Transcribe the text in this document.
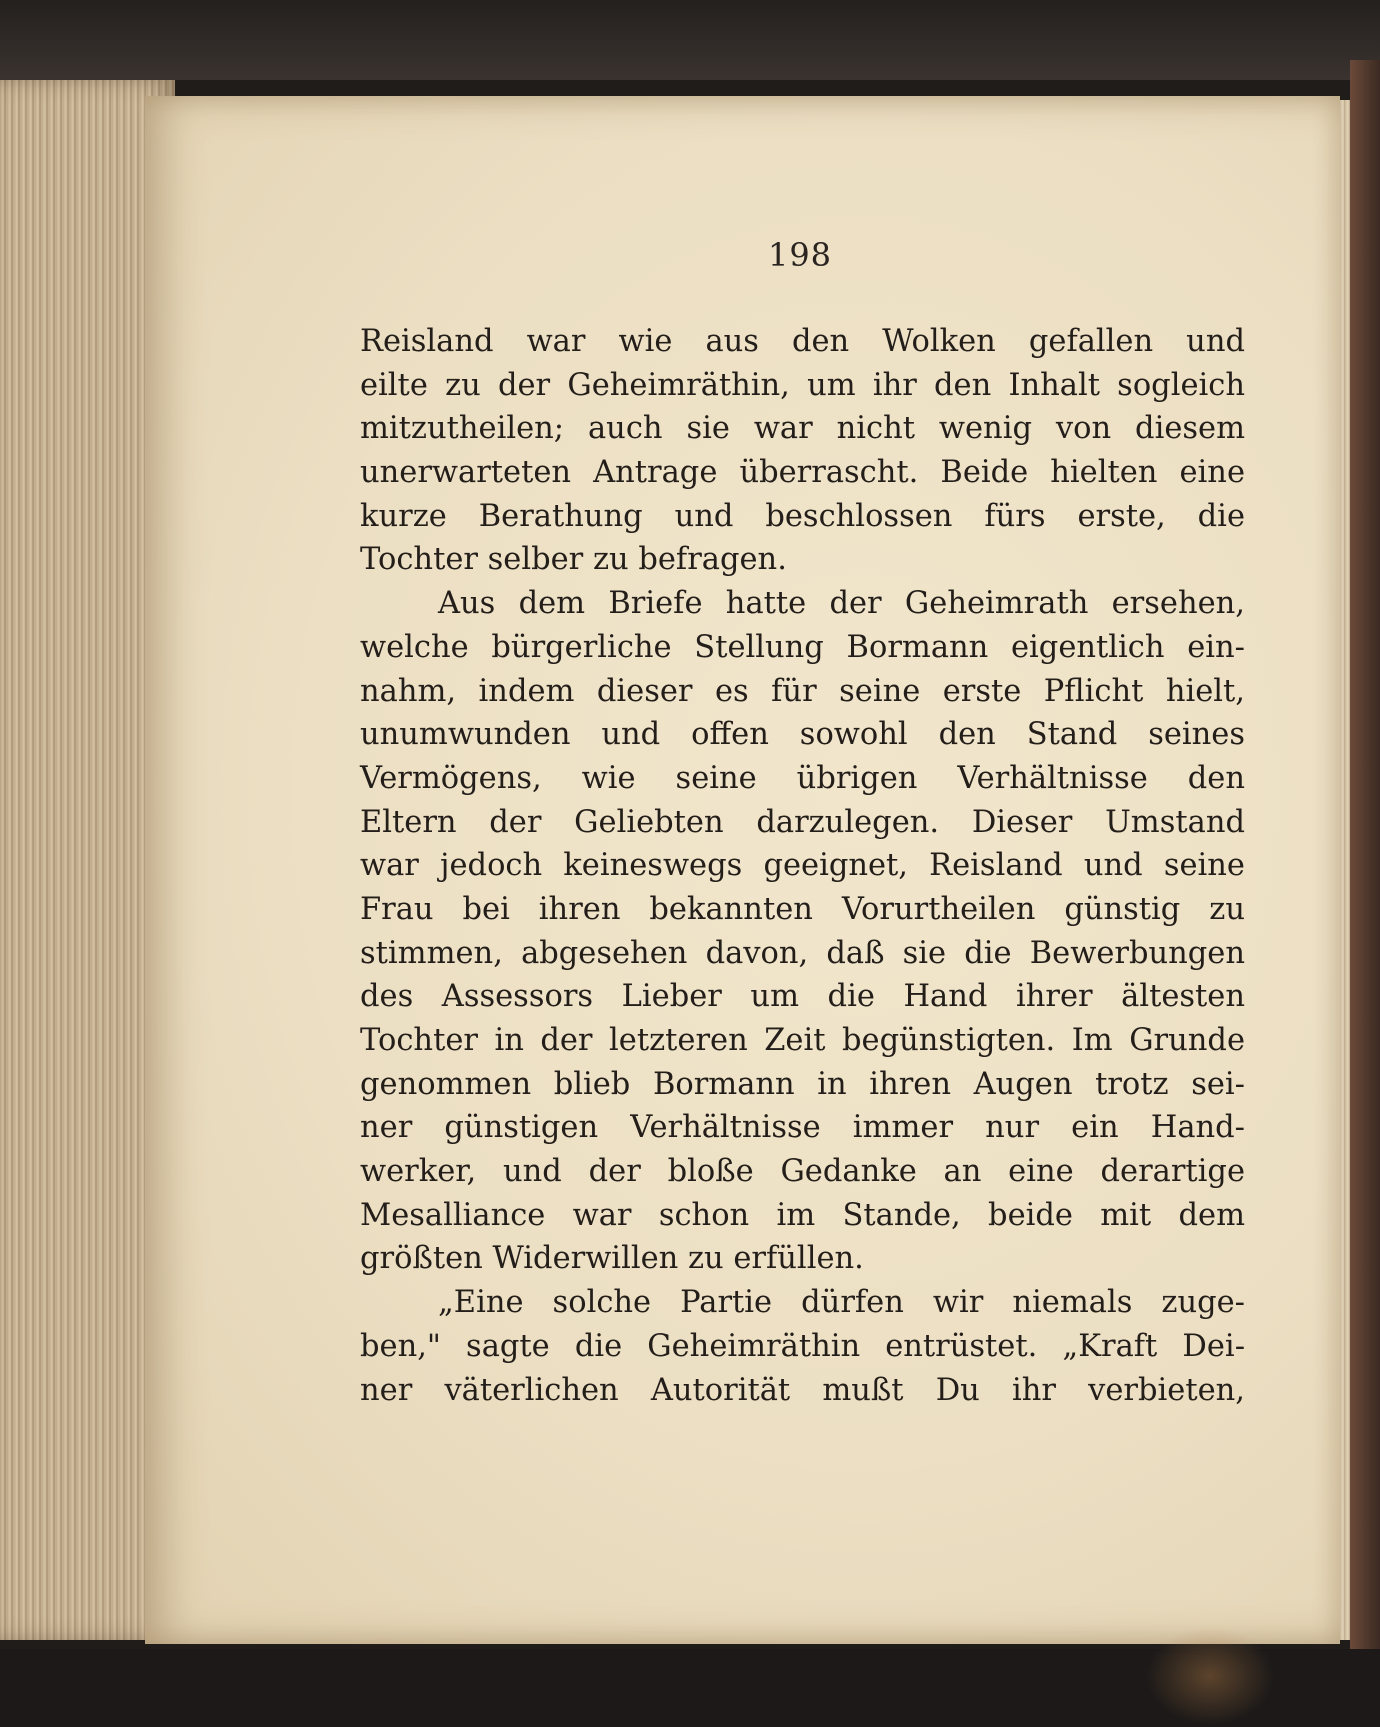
198
Reisland war wie aus den Wolken gefallen und
eilte zu der Geheimräthin, um ihr den Inhalt sogleich
mitzutheilen; auch sie war nicht wenig von diesem
unerwarteten Antrage überrascht. Beide hielten eine
kurze Berathung und beschlossen fürs erste, die
Tochter selber zu befragen.
Aus dem Briefe hatte der Geheimrath ersehen,
welche bürgerliche Stellung Bormann eigentlich ein-
nahm, indem dieser es für seine erste Pflicht hielt,
unumwunden und offen sowohl den Stand seines
Vermögens, wie seine übrigen Verhältnisse den
Eltern der Geliebten darzulegen. Dieser Umstand
war jedoch keineswegs geeignet, Reisland und seine
Frau bei ihren bekannten Vorurtheilen günstig zu
stimmen, abgesehen davon, daß sie die Bewerbungen
des Assessors Lieber um die Hand ihrer ältesten
Tochter in der letzteren Zeit begünstigten. Im Grunde
genommen blieb Bormann in ihren Augen trotz sei-
ner günstigen Verhältnisse immer nur ein Hand-
werker, und der bloße Gedanke an eine derartige
Mesalliance war schon im Stande, beide mit dem
größten Widerwillen zu erfüllen.
„Eine solche Partie dürfen wir niemals zuge-
ben," sagte die Geheimräthin entrüstet. „Kraft Dei-
ner väterlichen Autorität mußt Du ihr verbieten,
